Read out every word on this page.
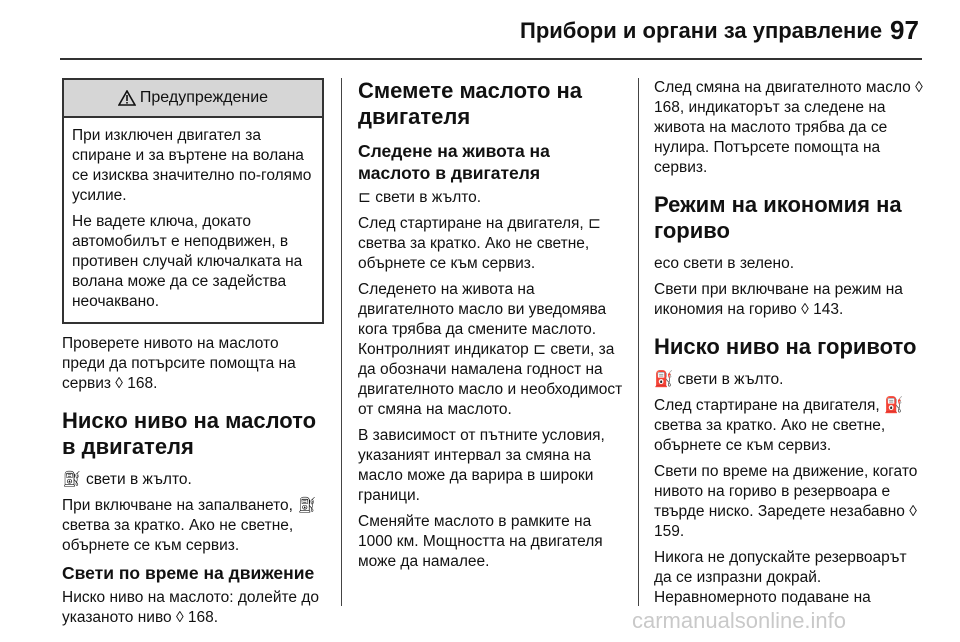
Прибори и органи за управление 97
Предупреждение

При изключен двигател за спиране и за въртене на волана се изисква значително по-голямо усилие.

Не вадете ключа, докато автомобилът е неподвижен, в противен случай ключалката на волана може да се задейства неочаквано.

Проверете нивото на маслото преди да потърсите помощта на сервиз ◊ 168.

Ниско ниво на маслото в двигателя

⛽︎ свети в жълто.

При включване на запалването, ⛽︎ светва за кратко. Ако не светне, обърнете се към сервиз.

Свети по време на движение

Ниско ниво на маслото: долейте до указаното ниво ◊ 168.

Смемете маслото на двигателя
Следене на живота на маслото в двигателя

⊏ свети в жълто.

След стартиране на двигателя, ⊏ светва за кратко. Ако не светне, обърнете се към сервиз.

Следенето на живота на двигателното масло ви уведомява кога трябва да смените маслото. Контролният индикатор ⊏ свети, за да обозначи намалена годност на двигателното масло и необходимост от смяна на маслото.

В зависимост от пътните условия, указаният интервал за смяна на масло може да варира в широки граници.

Сменяйте маслото в рамките на 1000 км. Мощността на двигателя може да намалее.

След смяна на двигателното масло ◊ 168, индикаторът за следене на живота на маслото трябва да се нулира. Потърсете помощта на сервиз.

Режим на икономия на гориво

eco свети в зелено.

Свети при включване на режим на икономия на гориво ◊ 143.

Ниско ниво на горивото

⛽ свети в жълто.

След стартиране на двигателя, ⛽ светва за кратко. Ако не светне, обърнете се към сервиз.

Свети по време на движение, когато нивото на гориво в резервоара е твърде ниско. Заредете незабавно ◊ 159.

Никога не допускайте резервоарът да се изпразни докрай. Неравномерното подаване на

carmanualsonline.info
